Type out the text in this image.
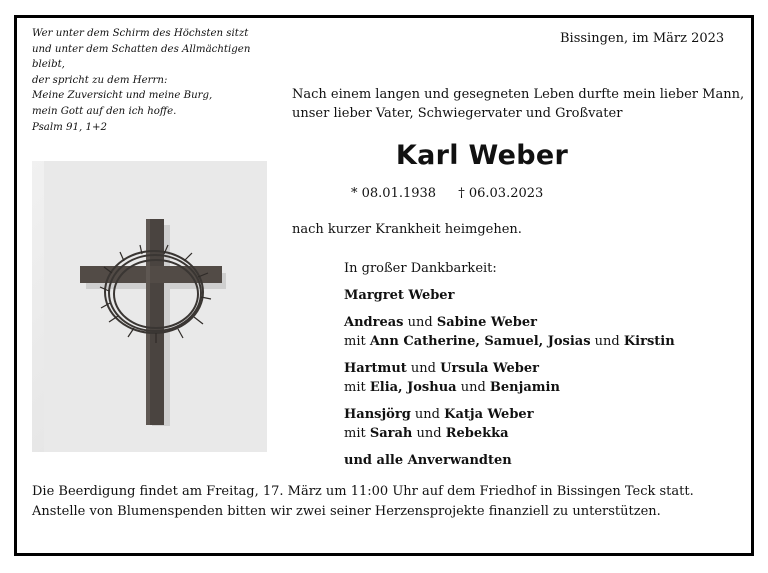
Wer unter dem Schirm des Höchsten sitzt
und unter dem Schatten des Allmächtigen
bleibt,
der spricht zu dem Herrn:
Meine Zuversicht und meine Burg,
mein Gott auf den ich hoffe.
Psalm 91, 1+2
Bissingen, im März 2023
Nach einem langen und gesegneten Leben durfte mein lieber Mann,
unser lieber Vater, Schwiegervater und Großvater
Karl Weber
* 08.01.1938 † 06.03.2023
nach kurzer Krankheit heimgehen.
In großer Dankbarkeit:
Margret Weber
Andreas und Sabine Weber
mit Ann Catherine, Samuel, Josias und Kirstin
Hartmut und Ursula Weber
mit Elia, Joshua und Benjamin
Hansjörg und Katja Weber
mit Sarah und Rebekka
und alle Anverwandten
Die Beerdigung findet am Freitag, 17. März um 11:00 Uhr auf dem Friedhof in Bissingen Teck statt.
Anstelle von Blumenspenden bitten wir zwei seiner Herzensprojekte finanziell zu unterstützen.
